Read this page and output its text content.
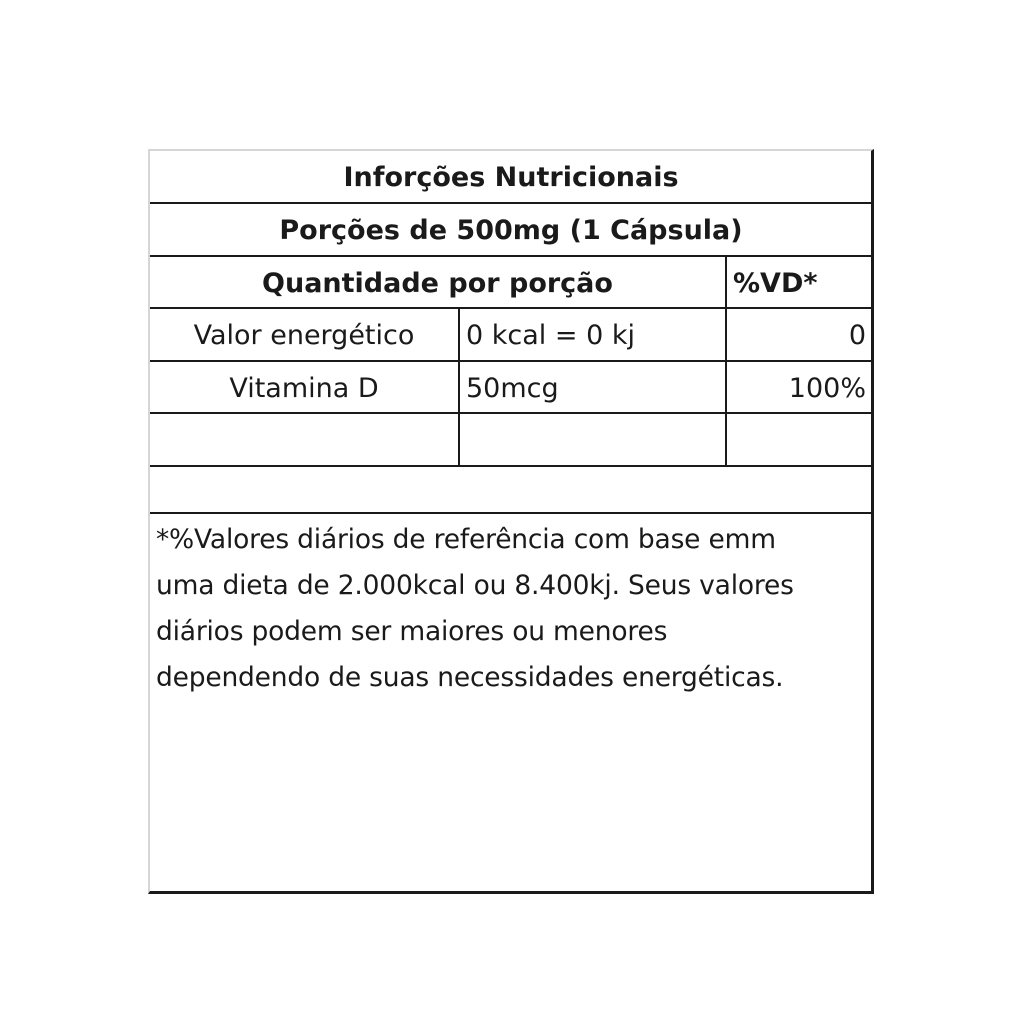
Inforções Nutricionais
Porções de 500mg (1 Cápsula)
Quantidade por porção	%VD*
Valor energético	0 kcal = 0 kj	0
Vitamina D	50mcg	100%
*%Valores diários de referência com base emm
uma dieta de 2.000kcal ou 8.400kj. Seus valores
diários podem ser maiores ou menores
dependendo de suas necessidades energéticas.
